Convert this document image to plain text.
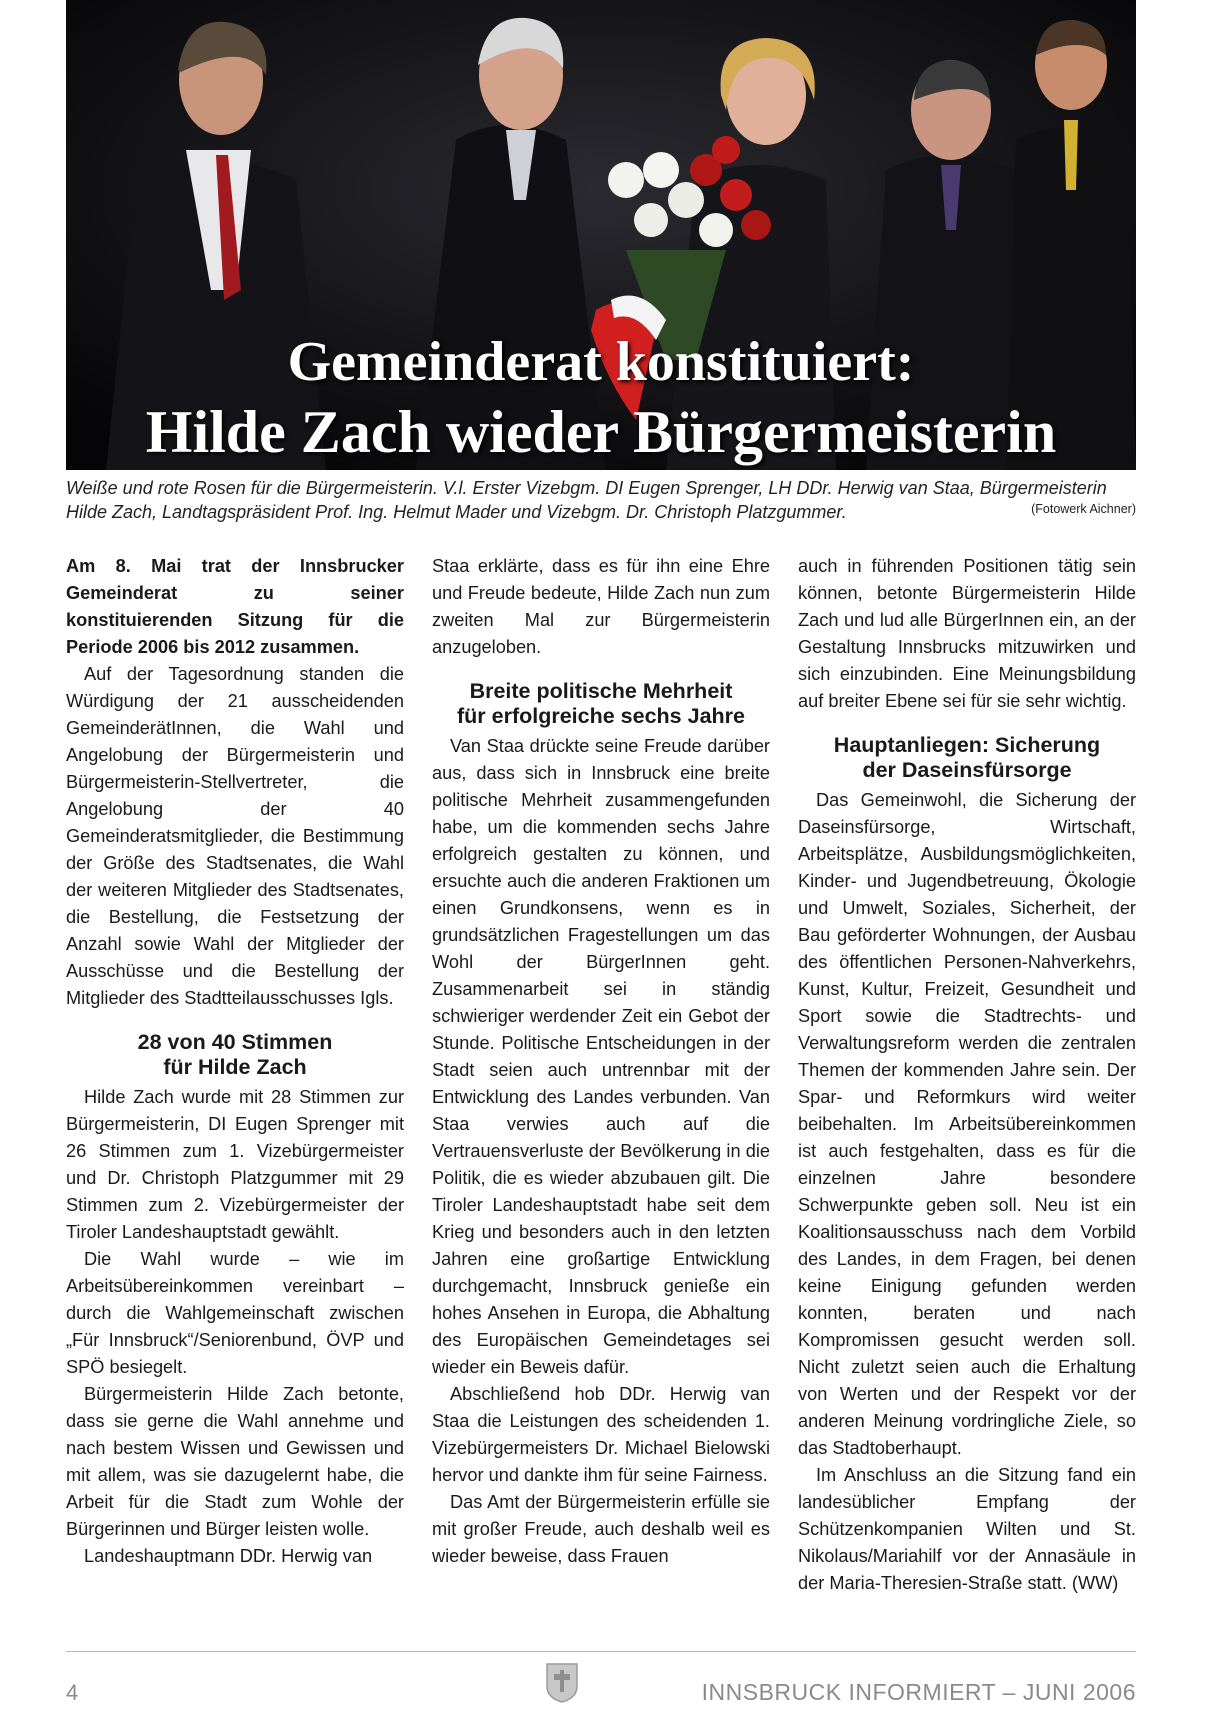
Gemeinderat konstituiert:
Hilde Zach wieder Bürgermeisterin
Weiße und rote Rosen für die Bürgermeisterin. V.l. Erster Vizebgm. DI Eugen Sprenger, LH DDr. Herwig van Staa, Bürgermeisterin Hilde Zach, Landtagspräsident Prof. Ing. Helmut Mader und Vizebgm. Dr. Christoph Platzgummer.	(Fotowerk Aichner)

Am 8. Mai trat der Innsbrucker Gemeinderat zu seiner konstituierenden Sitzung für die Periode 2006 bis 2012 zusammen.

Auf der Tagesordnung standen die Würdigung der 21 ausscheidenden GemeinderätInnen, die Wahl und Angelobung der Bürgermeisterin und Bürgermeisterin-Stellvertreter, die Angelobung der 40 Gemeinderatsmitglieder, die Bestimmung der Größe des Stadtsenates, die Wahl der weiteren Mitglieder des Stadtsenates, die Bestellung, die Festsetzung der Anzahl sowie Wahl der Mitglieder der Ausschüsse und die Bestellung der Mitglieder des Stadtteilausschusses Igls.

28 von 40 Stimmen
für Hilde Zach

Hilde Zach wurde mit 28 Stimmen zur Bürgermeisterin, DI Eugen Sprenger mit 26 Stimmen zum 1. Vizebürgermeister und Dr. Christoph Platzgummer mit 29 Stimmen zum 2. Vizebürgermeister der Tiroler Landeshauptstadt gewählt.

Die Wahl wurde – wie im Arbeitsübereinkommen vereinbart – durch die Wahlgemeinschaft zwischen „Für Innsbruck“/Seniorenbund, ÖVP und SPÖ besiegelt.

Bürgermeisterin Hilde Zach betonte, dass sie gerne die Wahl annehme und nach bestem Wissen und Gewissen und mit allem, was sie dazugelernt habe, die Arbeit für die Stadt zum Wohle der Bürgerinnen und Bürger leisten wolle.

Landeshauptmann DDr. Herwig van

Staa erklärte, dass es für ihn eine Ehre und Freude bedeute, Hilde Zach nun zum zweiten Mal zur Bürgermeisterin anzugeloben.

Breite politische Mehrheit
für erfolgreiche sechs Jahre

Van Staa drückte seine Freude darüber aus, dass sich in Innsbruck eine breite politische Mehrheit zusammengefunden habe, um die kommenden sechs Jahre erfolgreich gestalten zu können, und ersuchte auch die anderen Fraktionen um einen Grundkonsens, wenn es in grundsätzlichen Fragestellungen um das Wohl der BürgerInnen geht. Zusammenarbeit sei in ständig schwieriger werdender Zeit ein Gebot der Stunde. Politische Entscheidungen in der Stadt seien auch untrennbar mit der Entwicklung des Landes verbunden. Van Staa verwies auch auf die Vertrauensverluste der Bevölkerung in die Politik, die es wieder abzubauen gilt. Die Tiroler Landeshauptstadt habe seit dem Krieg und besonders auch in den letzten Jahren eine großartige Entwicklung durchgemacht, Innsbruck genieße ein hohes Ansehen in Europa, die Abhaltung des Europäischen Gemeindetages sei wieder ein Beweis dafür.

Abschließend hob DDr. Herwig van Staa die Leistungen des scheidenden 1. Vizebürgermeisters Dr. Michael Bielowski hervor und dankte ihm für seine Fairness.

Das Amt der Bürgermeisterin erfülle sie mit großer Freude, auch deshalb weil es wieder beweise, dass Frauen

auch in führenden Positionen tätig sein können, betonte Bürgermeisterin Hilde Zach und lud alle BürgerInnen ein, an der Gestaltung Innsbrucks mitzuwirken und sich einzubinden. Eine Meinungsbildung auf breiter Ebene sei für sie sehr wichtig.

Hauptanliegen: Sicherung
der Daseinsfürsorge

Das Gemeinwohl, die Sicherung der Daseinsfürsorge, Wirtschaft, Arbeitsplätze, Ausbildungsmöglichkeiten, Kinder- und Jugendbetreuung, Ökologie und Umwelt, Soziales, Sicherheit, der Bau geförderter Wohnungen, der Ausbau des öffentlichen Personen-Nahverkehrs, Kunst, Kultur, Freizeit, Gesundheit und Sport sowie die Stadtrechts- und Verwaltungsreform werden die zentralen Themen der kommenden Jahre sein. Der Spar- und Reformkurs wird weiter beibehalten. Im Arbeitsübereinkommen ist auch festgehalten, dass es für die einzelnen Jahre besondere Schwerpunkte geben soll. Neu ist ein Koalitionsausschuss nach dem Vorbild des Landes, in dem Fragen, bei denen keine Einigung gefunden werden konnten, beraten und nach Kompromissen gesucht werden soll. Nicht zuletzt seien auch die Erhaltung von Werten und der Respekt vor der anderen Meinung vordringliche Ziele, so das Stadtoberhaupt.

Im Anschluss an die Sitzung fand ein landesüblicher Empfang der Schützenkompanien Wilten und St. Nikolaus/Mariahilf vor der Annasäule in der Maria-Theresien-Straße statt. (WW)

4	INNSBRUCK INFORMIERT – JUNI 2006
